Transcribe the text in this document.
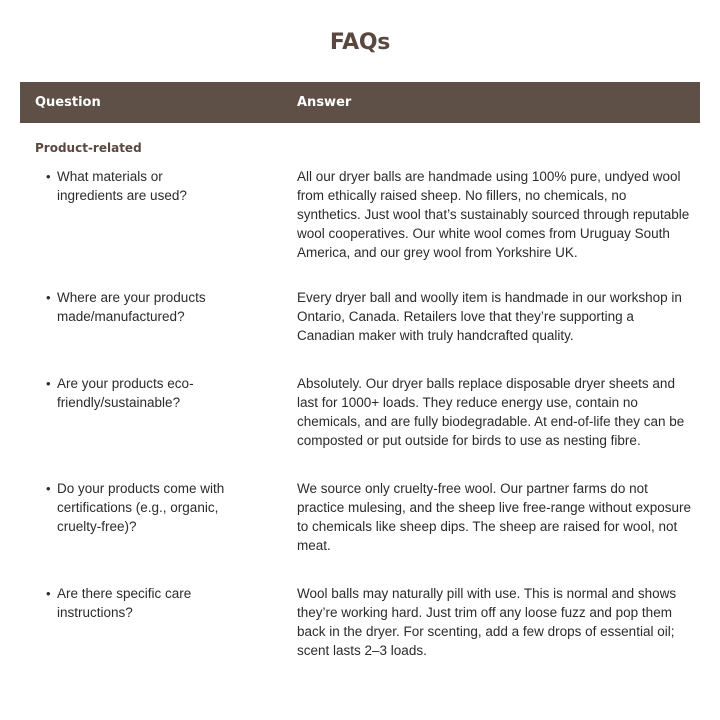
FAQs
Question	Answer
Product-related
• What materials or ingredients are used?
All our dryer balls are handmade using 100% pure, undyed wool from ethically raised sheep. No fillers, no chemicals, no synthetics. Just wool that’s sustainably sourced through reputable wool cooperatives. Our white wool comes from Uruguay South America, and our grey wool from Yorkshire UK.
• Where are your products made/manufactured?
Every dryer ball and woolly item is handmade in our workshop in Ontario, Canada. Retailers love that they’re supporting a Canadian maker with truly handcrafted quality.
• Are your products eco-friendly/sustainable?
Absolutely. Our dryer balls replace disposable dryer sheets and last for 1000+ loads. They reduce energy use, contain no chemicals, and are fully biodegradable. At end-of-life they can be composted or put outside for birds to use as nesting fibre.
• Do your products come with certifications (e.g., organic, cruelty-free)?
We source only cruelty-free wool. Our partner farms do not practice mulesing, and the sheep live free-range without exposure to chemicals like sheep dips. The sheep are raised for wool, not meat.
• Are there specific care instructions?
Wool balls may naturally pill with use. This is normal and shows they’re working hard. Just trim off any loose fuzz and pop them back in the dryer. For scenting, add a few drops of essential oil; scent lasts 2–3 loads.
